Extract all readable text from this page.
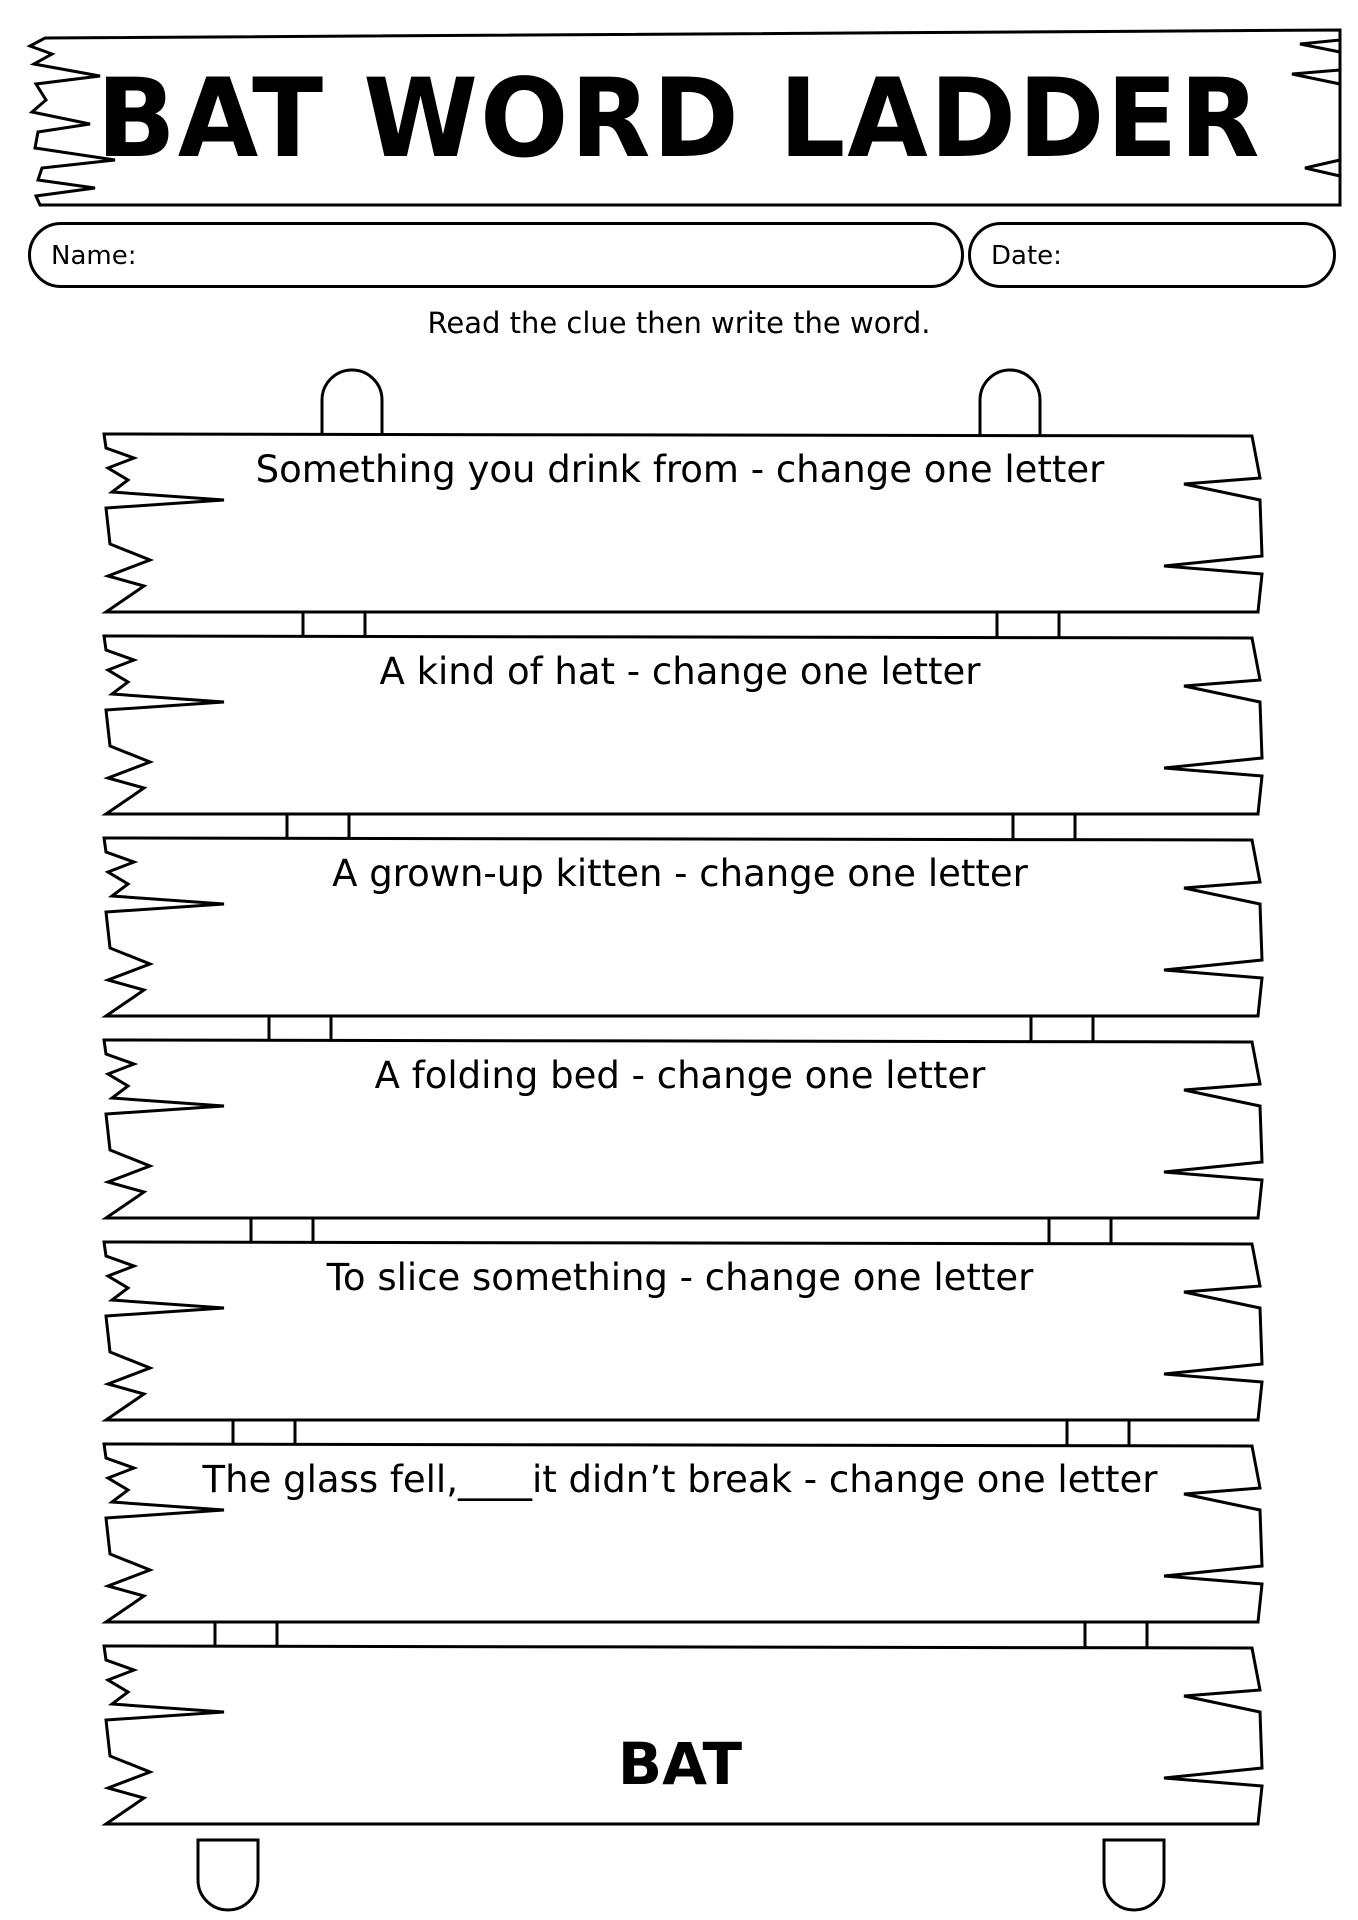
BAT WORD LADDER
Name:	Date:
Read the clue then write the word.
Something you drink from - change one letter
A kind of hat - change one letter
A grown-up kitten - change one letter
A folding bed - change one letter
To slice something - change one letter
The glass fell,____it didn’t break - change one letter
BAT
